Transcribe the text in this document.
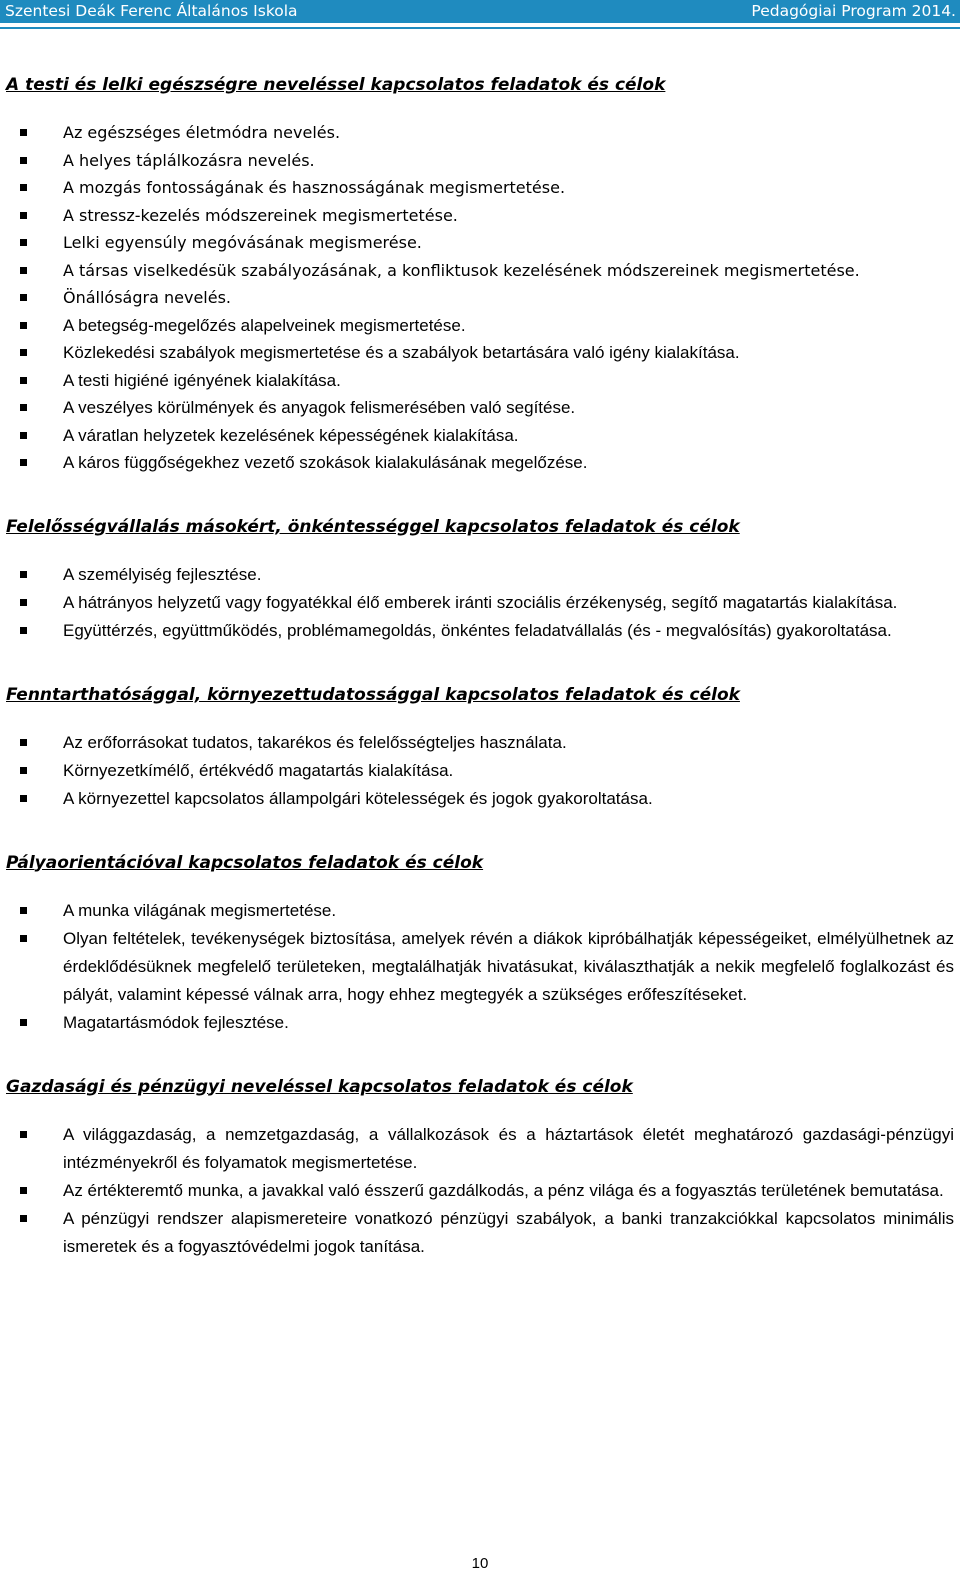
Szentesi Deák Ferenc Általános Iskola	Pedagógiai Program 2014.
A testi és lelki egészségre neveléssel kapcsolatos feladatok és célok
Az egészséges életmódra nevelés.
A helyes táplálkozásra nevelés.
A mozgás fontosságának és hasznosságának megismertetése.
A stressz-kezelés módszereinek megismertetése.
Lelki egyensúly megóvásának megismerése.
A társas viselkedésük szabályozásának, a konfliktusok kezelésének módszereinek megismertetése.
Önállóságra nevelés.
A betegség-megelőzés alapelveinek megismertetése.
Közlekedési szabályok megismertetése és a szabályok betartására való igény kialakítása.
A testi higiéné igényének kialakítása.
A veszélyes körülmények és anyagok felismerésében való segítése.
A váratlan helyzetek kezelésének képességének kialakítása.
A káros függőségekhez vezető szokások kialakulásának megelőzése.
Felelősségvállalás másokért, önkéntességgel kapcsolatos feladatok és célok
A személyiség fejlesztése.
A hátrányos helyzetű vagy fogyatékkal élő emberek iránti szociális érzékenység, segítő magatartás kialakítása.
Együttérzés, együttműködés, problémamegoldás, önkéntes feladatvállalás (és - megvalósítás) gyakoroltatása.
Fenntarthatósággal, környezettudatossággal kapcsolatos feladatok és célok
Az erőforrásokat tudatos, takarékos és felelősségteljes használata.
Környezetkímélő, értékvédő magatartás kialakítása.
A környezettel kapcsolatos állampolgári kötelességek és jogok gyakoroltatása.
Pályaorientációval kapcsolatos feladatok és célok
A munka világának megismertetése.
Olyan feltételek, tevékenységek biztosítása, amelyek révén a diákok kipróbálhatják képességeiket, elmélyülhetnek az érdeklődésüknek megfelelő területeken, megtalálhatják hivatásukat, kiválaszthatják a nekik megfelelő foglalkozást és pályát, valamint képessé válnak arra, hogy ehhez megtegyék a szükséges erőfeszítéseket.
Magatartásmódok fejlesztése.
Gazdasági és pénzügyi neveléssel kapcsolatos feladatok és célok
A világgazdaság, a nemzetgazdaság, a vállalkozások és a háztartások életét meghatározó gazdasági-pénzügyi intézményekről és folyamatok megismertetése.
Az értékteremtő munka, a javakkal való ésszerű gazdálkodás, a pénz világa és a fogyasztás területének bemutatása.
A pénzügyi rendszer alapismereteire vonatkozó pénzügyi szabályok, a banki tranzakciókkal kapcsolatos minimális ismeretek és a fogyasztóvédelmi jogok tanítása.
10
